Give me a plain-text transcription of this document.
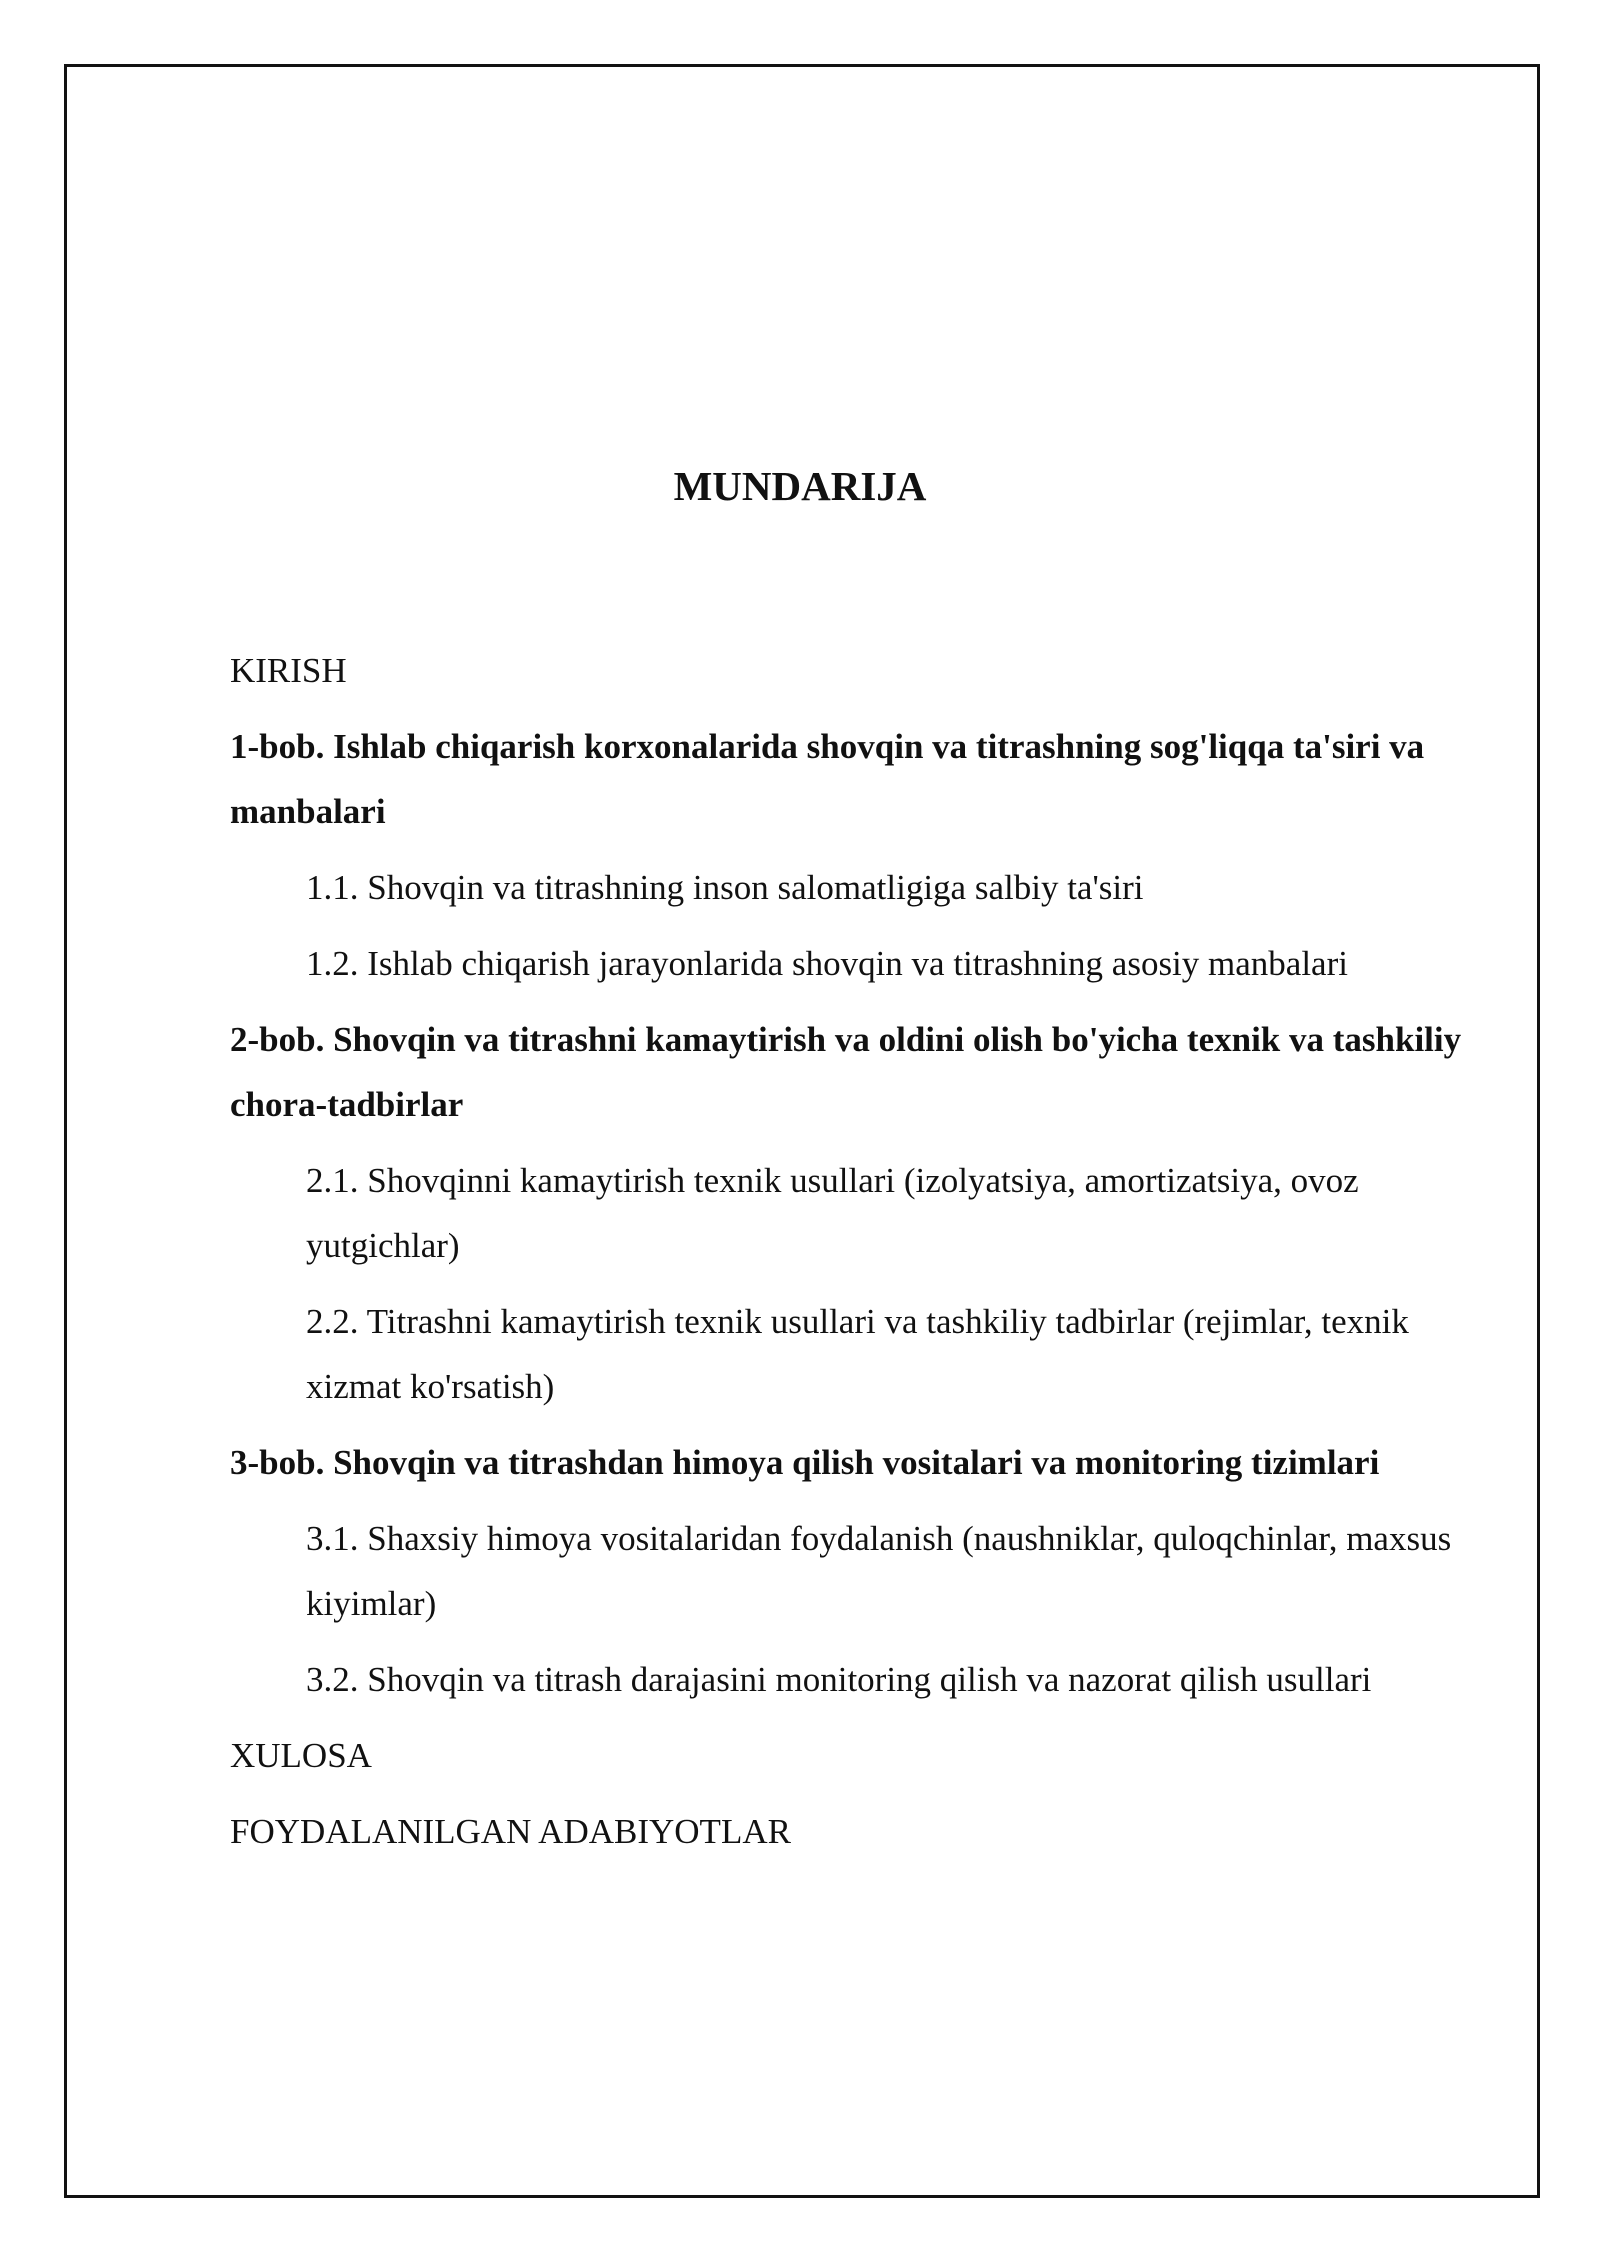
MUNDARIJA
KIRISH
1-bob. Ishlab chiqarish korxonalarida shovqin va titrashning sog'liqqa ta'siri va manbalari
1.1. Shovqin va titrashning inson salomatligiga salbiy ta'siri
1.2. Ishlab chiqarish jarayonlarida shovqin va titrashning asosiy manbalari
2-bob. Shovqin va titrashni kamaytirish va oldini olish bo'yicha texnik va tashkiliy chora-tadbirlar
2.1. Shovqinni kamaytirish texnik usullari (izolyatsiya, amortizatsiya, ovoz yutgichlar)
2.2. Titrashni kamaytirish texnik usullari va tashkiliy tadbirlar (rejimlar, texnik xizmat ko'rsatish)
3-bob. Shovqin va titrashdan himoya qilish vositalari va monitoring tizimlari
3.1. Shaxsiy himoya vositalaridan foydalanish (naushniklar, quloqchinlar, maxsus kiyimlar)
3.2. Shovqin va titrash darajasini monitoring qilish va nazorat qilish usullari
XULOSA
FOYDALANILGAN ADABIYOTLAR
